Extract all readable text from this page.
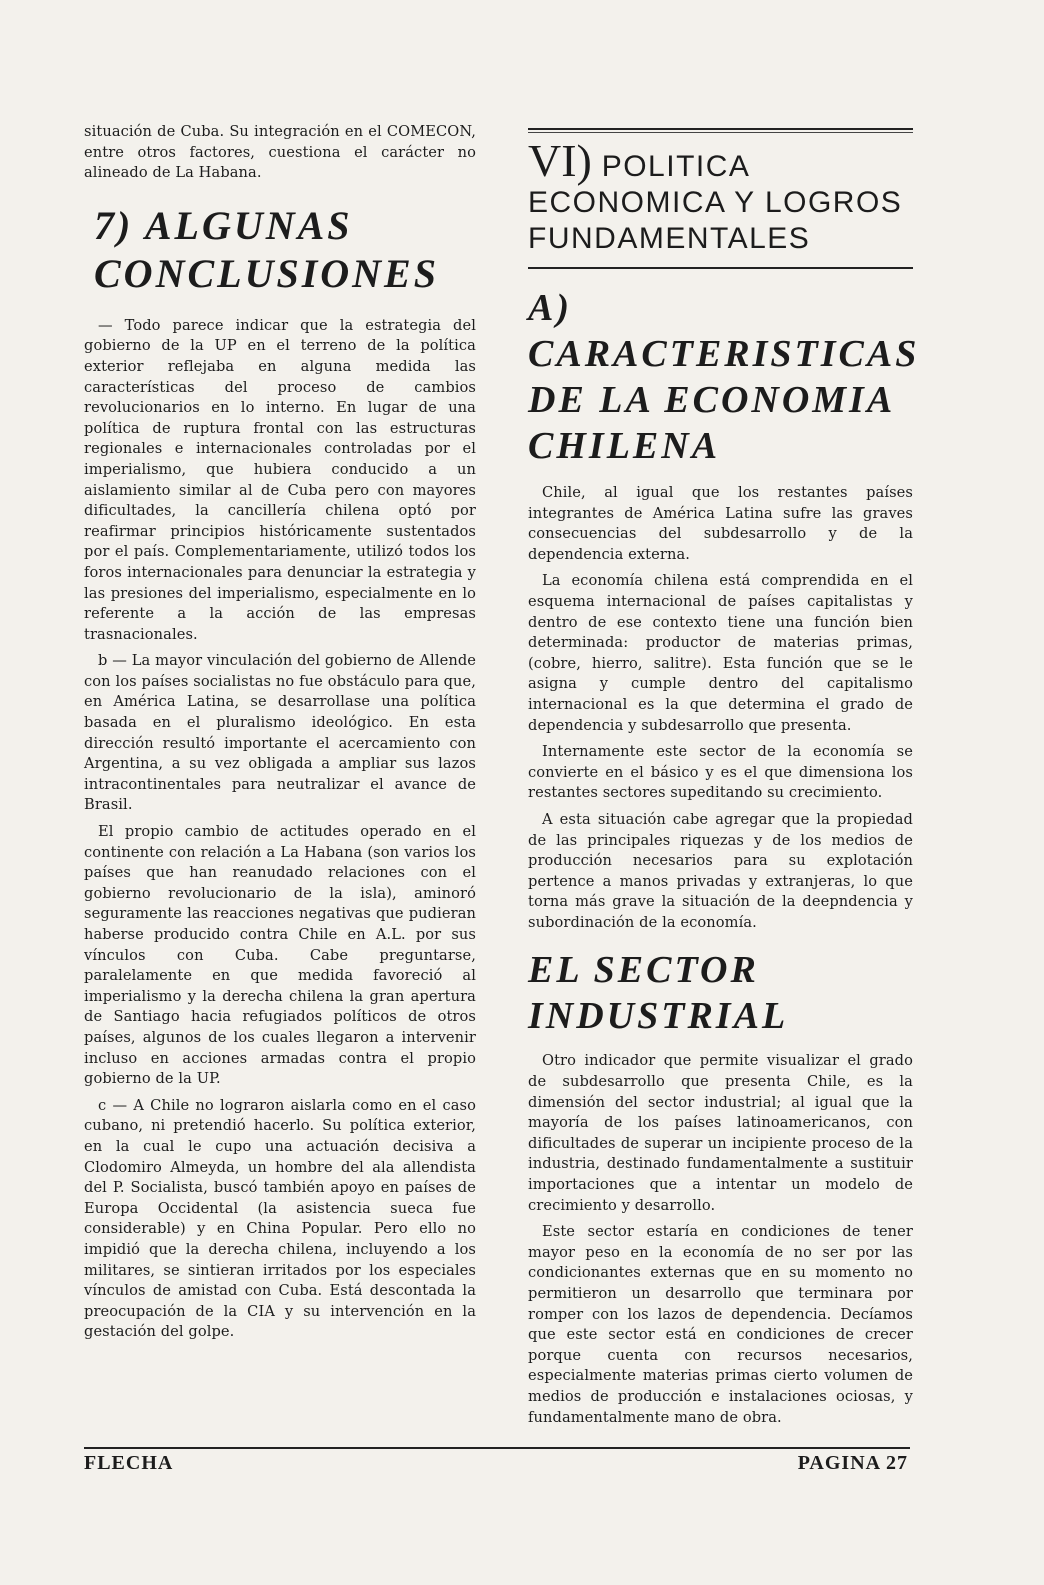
situación de Cuba. Su integración en el COMECON, entre otros factores, cuestiona el carácter no alineado de La Habana.

7) ALGUNAS CONCLUSIONES

— Todo parece indicar que la estrategia del gobierno de la UP en el terreno de la política exterior reflejaba en alguna medida las características del proceso de cambios revolucionarios en lo interno. En lugar de una política de ruptura frontal con las estructuras regionales e internacionales controladas por el imperialismo, que hubiera conducido a un aislamiento similar al de Cuba pero con mayores dificultades, la cancillería chilena optó por reafirmar principios históricamente sustentados por el país. Complementariamente, utilizó todos los foros internacionales para denunciar la estrategia y las presiones del imperialismo, especialmente en lo referente a la acción de las empresas trasnacionales.

b — La mayor vinculación del gobierno de Allende con los países socialistas no fue obstáculo para que, en América Latina, se desarrollase una política basada en el pluralismo ideológico. En esta dirección resultó importante el acercamiento con Argentina, a su vez obligada a ampliar sus lazos intracontinentales para neutralizar el avance de Brasil.

El propio cambio de actitudes operado en el continente con relación a La Habana (son varios los países que han reanudado relaciones con el gobierno revolucionario de la isla), aminoró seguramente las reacciones negativas que pudieran haberse producido contra Chile en A.L. por sus vínculos con Cuba. Cabe preguntarse, paralelamente en que medida favoreció al imperialismo y la derecha chilena la gran apertura de Santiago hacia refugiados políticos de otros países, algunos de los cuales llegaron a intervenir incluso en acciones armadas contra el propio gobierno de la UP.

c — A Chile no lograron aislarla como en el caso cubano, ni pretendió hacerlo. Su política exterior, en la cual le cupo una actuación decisiva a Clodomiro Almeyda, un hombre del ala allendista del P. Socialista, buscó también apoyo en países de Europa Occidental (la asistencia sueca fue considerable) y en China Popular. Pero ello no impidió que la derecha chilena, incluyendo a los militares, se sintieran irritados por los especiales vínculos de amistad con Cuba. Está descontada la preocupación de la CIA y su intervención en la gestación del golpe.

VI) POLITICA ECONOMICA Y LOGROS FUNDAMENTALES
A) CARACTERISTICAS DE LA ECONOMIA CHILENA

Chile, al igual que los restantes países integrantes de América Latina sufre las graves consecuencias del subdesarrollo y de la dependencia externa.

La economía chilena está comprendida en el esquema internacional de países capitalistas y dentro de ese contexto tiene una función bien determinada: productor de materias primas, (cobre, hierro, salitre). Esta función que se le asigna y cumple dentro del capitalismo internacional es la que determina el grado de dependencia y subdesarrollo que presenta.

Internamente este sector de la economía se convierte en el básico y es el que dimensiona los restantes sectores supeditando su crecimiento.

A esta situación cabe agregar que la propiedad de las principales riquezas y de los medios de producción necesarios para su explotación pertence a manos privadas y extranjeras, lo que torna más grave la situación de la deepndencia y subordinación de la economía.

EL SECTOR INDUSTRIAL

Otro indicador que permite visualizar el grado de subdesarrollo que presenta Chile, es la dimensión del sector industrial; al igual que la mayoría de los países latinoamericanos, con dificultades de superar un incipiente proceso de la industria, destinado fundamentalmente a sustituir importaciones que a intentar un modelo de crecimiento y desarrollo.

Este sector estaría en condiciones de tener mayor peso en la economía de no ser por las condicionantes externas que en su momento no permitieron un desarrollo que terminara por romper con los lazos de dependencia. Decíamos que este sector está en condiciones de crecer porque cuenta con recursos necesarios, especialmente materias primas cierto volumen de medios de producción e instalaciones ociosas, y fundamentalmente mano de obra.

FLECHA	PAGINA 27
